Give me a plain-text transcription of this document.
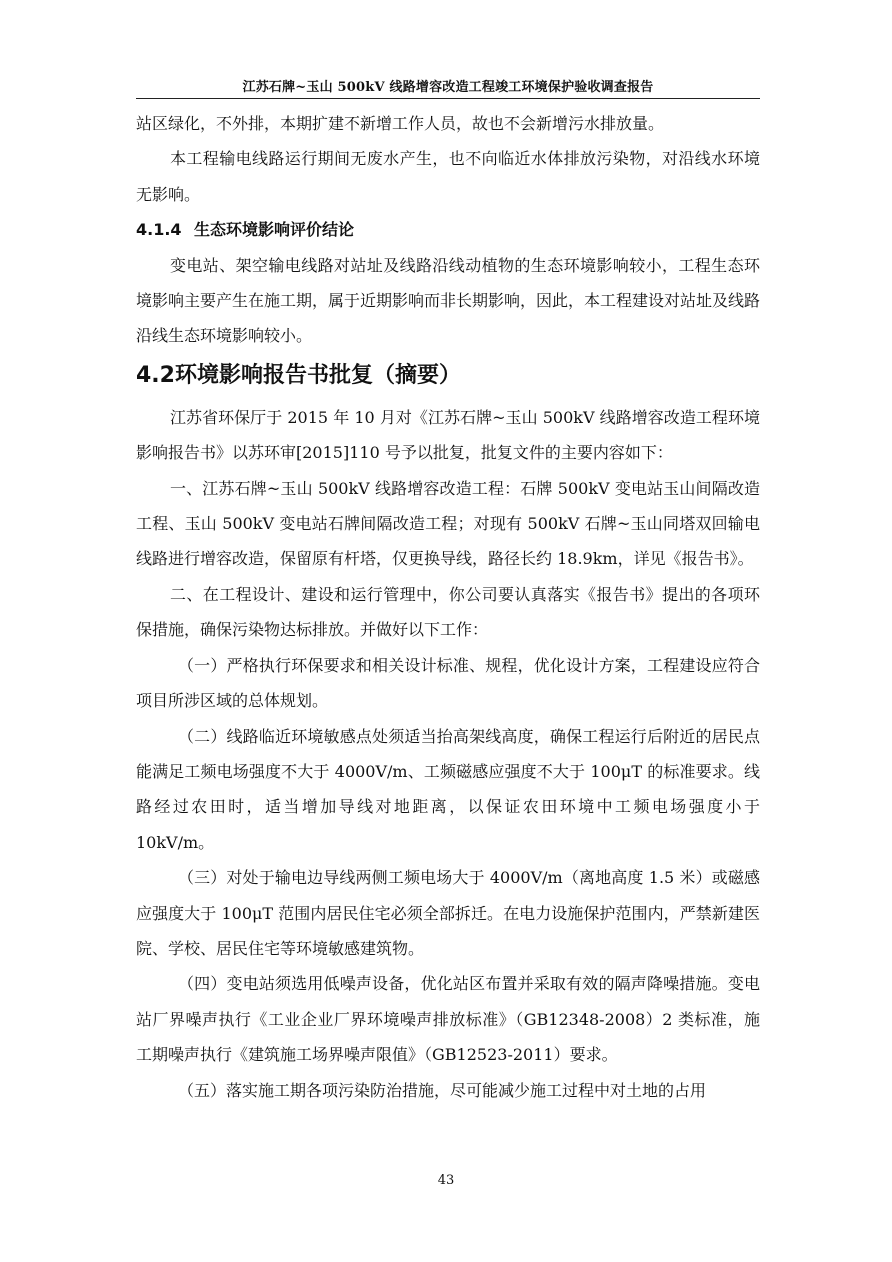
江苏石牌~玉山 500kV 线路增容改造工程竣工环境保护验收调查报告

站区绿化，不外排，本期扩建不新增工作人员，故也不会新增污水排放量。

本工程输电线路运行期间无废水产生，也不向临近水体排放污染物，对沿线水环境无影响。

4.1.4 生态环境影响评价结论

变电站、架空输电线路对站址及线路沿线动植物的生态环境影响较小，工程生态环境影响主要产生在施工期，属于近期影响而非长期影响，因此，本工程建设对站址及线路沿线生态环境影响较小。

4.2环境影响报告书批复（摘要）

江苏省环保厅于 2015 年 10 月对《江苏石牌~玉山 500kV 线路增容改造工程环境影响报告书》以苏环审[2015]110 号予以批复，批复文件的主要内容如下：

一、江苏石牌~玉山 500kV 线路增容改造工程：石牌 500kV 变电站玉山间隔改造工程、玉山 500kV 变电站石牌间隔改造工程；对现有 500kV 石牌~玉山同塔双回输电线路进行增容改造，保留原有杆塔，仅更换导线，路径长约 18.9km，详见《报告书》。

二、在工程设计、建设和运行管理中，你公司要认真落实《报告书》提出的各项环保措施，确保污染物达标排放。并做好以下工作：

（一）严格执行环保要求和相关设计标准、规程，优化设计方案，工程建设应符合项目所涉区域的总体规划。

（二）线路临近环境敏感点处须适当抬高架线高度，确保工程运行后附近的居民点能满足工频电场强度不大于 4000V/m、工频磁感应强度不大于 100μT 的标准要求。线路经过农田时，适当增加导线对地距离，以保证农田环境中工频电场强度小于 10kV/m。

（三）对处于输电边导线两侧工频电场大于 4000V/m（离地高度 1.5 米）或磁感应强度大于 100μT 范围内居民住宅必须全部拆迁。在电力设施保护范围内，严禁新建医院、学校、居民住宅等环境敏感建筑物。

（四）变电站须选用低噪声设备，优化站区布置并采取有效的隔声降噪措施。变电站厂界噪声执行《工业企业厂界环境噪声排放标准》（GB12348-2008）2 类标准，施工期噪声执行《建筑施工场界噪声限值》（GB12523-2011）要求。

（五）落实施工期各项污染防治措施，尽可能减少施工过程中对土地的占用

43
